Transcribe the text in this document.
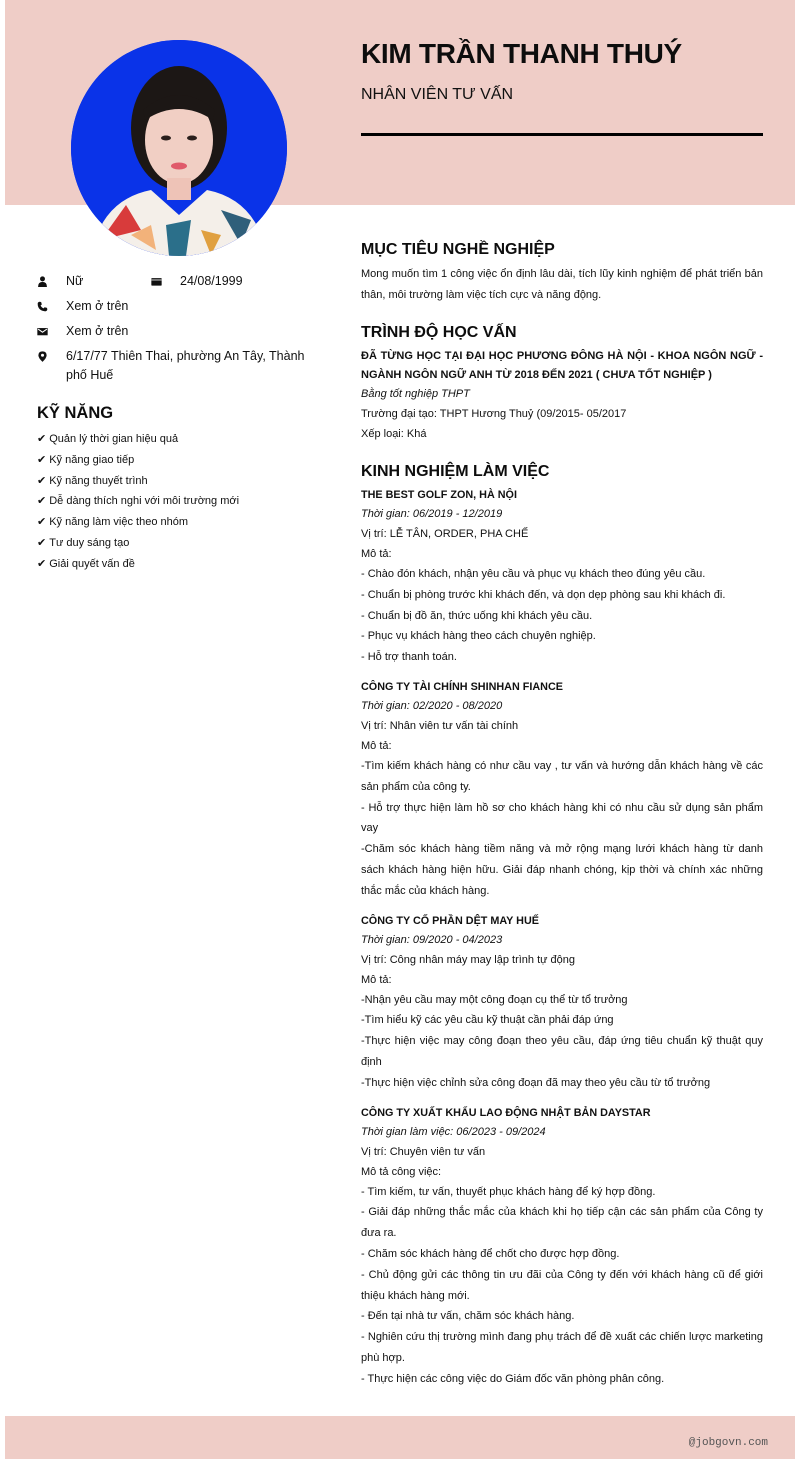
KIM TRẦN THANH THUÝ
NHÂN VIÊN TƯ VẤN
Nữ	24/08/1999
Xem ở trên
Xem ở trên
6/17/77 Thiên Thai, phường An Tây, Thành phố Huế
KỸ NĂNG
✔ Quản lý thời gian hiệu quả
✔ Kỹ năng giao tiếp
✔ Kỹ năng thuyết trình
✔ Dễ dàng thích nghi với môi trường mới
✔ Kỹ năng làm việc theo nhóm
✔ Tư duy sáng tạo
✔ Giải quyết vấn đề
MỤC TIÊU NGHỀ NGHIỆP
Mong muốn tìm 1 công việc ổn định lâu dài, tích lũy kinh nghiệm để phát triển bản thân, môi trường làm việc tích cực và năng động.
TRÌNH ĐỘ HỌC VẤN
ĐÃ TỪNG HỌC TẠI ĐẠI HỌC PHƯƠNG ĐÔNG HÀ NỘI - KHOA NGÔN NGỮ - NGÀNH NGÔN NGỮ ANH TỪ 2018 ĐẾN 2021 ( CHƯA TỐT NGHIỆP )
Bằng tốt nghiệp THPT
Trường đại tạo: THPT Hương Thuỷ (09/2015- 05/2017
Xếp loại: Khá
KINH NGHIỆM LÀM VIỆC
THE BEST GOLF ZON, HÀ NỘI
Thời gian: 06/2019 - 12/2019
Vị trí: LỄ TÂN, ORDER, PHA CHẾ
Mô tả:
- Chào đón khách, nhận yêu cầu và phục vụ khách theo đúng yêu cầu.
- Chuẩn bị phòng trước khi khách đến, và dọn dẹp phòng sau khi khách đi.
- Chuẩn bị đồ ăn, thức uống khi khách yêu cầu.
- Phục vụ khách hàng theo cách chuyên nghiệp.
- Hỗ trợ thanh toán.
CÔNG TY TÀI CHÍNH SHINHAN FIANCE
Thời gian: 02/2020 - 08/2020
Vị trí: Nhân viên tư vấn tài chính
Mô tả:
-Tìm kiếm khách hàng có như cầu vay , tư vấn và hướng dẫn khách hàng về các sản phẩm của công ty.
- Hỗ trợ thực hiện làm hồ sơ cho khách hàng khi có nhu cầu sử dụng sản phẩm vay
-Chăm sóc khách hàng tiềm năng và mở rộng mạng lưới khách hàng từ danh sách khách hàng hiện hữu. Giải đáp nhanh chóng, kịp thời và chính xác những thắc mắc củɑ khách hàng.
CÔNG TY CỐ PHẦN DỆT MAY HUẾ
Thời gian: 09/2020 - 04/2023
Vị trí: Công nhân máy may lập trình tự động
Mô tả:
-Nhận yêu cầu may một công đoạn cụ thể từ tổ trưởng
-Tìm hiểu kỹ các yêu cầu kỹ thuật cần phải đáp ứng
-Thực hiện việc may công đoạn theo yêu cầu, đáp ứng tiêu chuẩn kỹ thuật quy định
-Thực hiện việc chỉnh sửa công đoạn đã may theo yêu cầu từ tổ trưởng
CÔNG TY XUẤT KHẨU LAO ĐỘNG NHẬT BẢN DAYSTAR
Thời gian làm việc: 06/2023 - 09/2024
Vị trí: Chuyên viên tư vấn
Mô tả công việc:
- Tìm kiếm, tư vấn, thuyết phục khách hàng để ký hợp đồng.
- Giải đáp những thắc mắc của khách khi họ tiếp cận các sản phẩm của Công ty đưa ra.
- Chăm sóc khách hàng để chốt cho được hợp đồng.
- Chủ động gửi các thông tin ưu đãi của Công ty đến với khách hàng cũ để giới thiệu khách hàng mới.
- Đến tại nhà tư vấn, chăm sóc khách hàng.
- Nghiên cứu thị trường mình đang phụ trách để đề xuất các chiến lược marketing phù hợp.
- Thực hiện các công việc do Giám đốc văn phòng phân công.
@jobgovn.com
